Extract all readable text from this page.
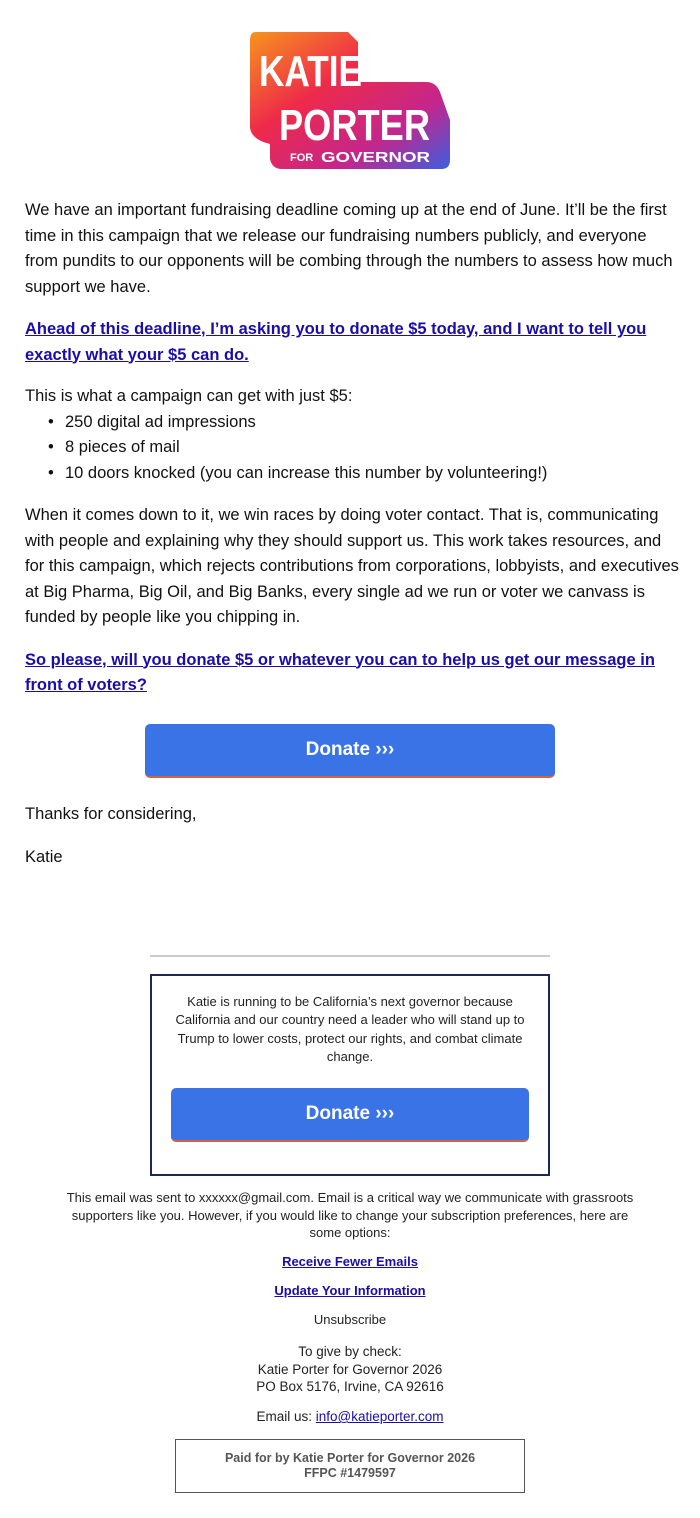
KATIE
PORTER
FOR GOVERNOR

We have an important fundraising deadline coming up at the end of June. It’ll be the first time in this campaign that we release our fundraising numbers publicly, and everyone from pundits to our opponents will be combing through the numbers to assess how much support we have.

Ahead of this deadline, I’m asking you to donate $5 today, and I want to tell you exactly what your $5 can do.

This is what a campaign can get with just $5:

• 250 digital ad impressions
• 8 pieces of mail
• 10 doors knocked (you can increase this number by volunteering!)

When it comes down to it, we win races by doing voter contact. That is, communicating with people and explaining why they should support us. This work takes resources, and for this campaign, which rejects contributions from corporations, lobbyists, and executives at Big Pharma, Big Oil, and Big Banks, every single ad we run or voter we canvass is funded by people like you chipping in.

So please, will you donate $5 or whatever you can to help us get our message in front of voters?
Donate ›››
Thanks for considering,
Katie
Katie is running to be California’s next governor because California and our country need a leader who will stand up to Trump to lower costs, protect our rights, and combat climate change.
Donate ›››
This email was sent to xxxxxx@gmail.com. Email is a critical way we communicate with grassroots supporters like you. However, if you would like to change your subscription preferences, here are some options:
Receive Fewer Emails
Update Your Information
Unsubscribe
To give by check:
Katie Porter for Governor 2026
PO Box 5176, Irvine, CA 92616
Email us: info@katieporter.com
Paid for by Katie Porter for Governor 2026
FFPC #1479597
